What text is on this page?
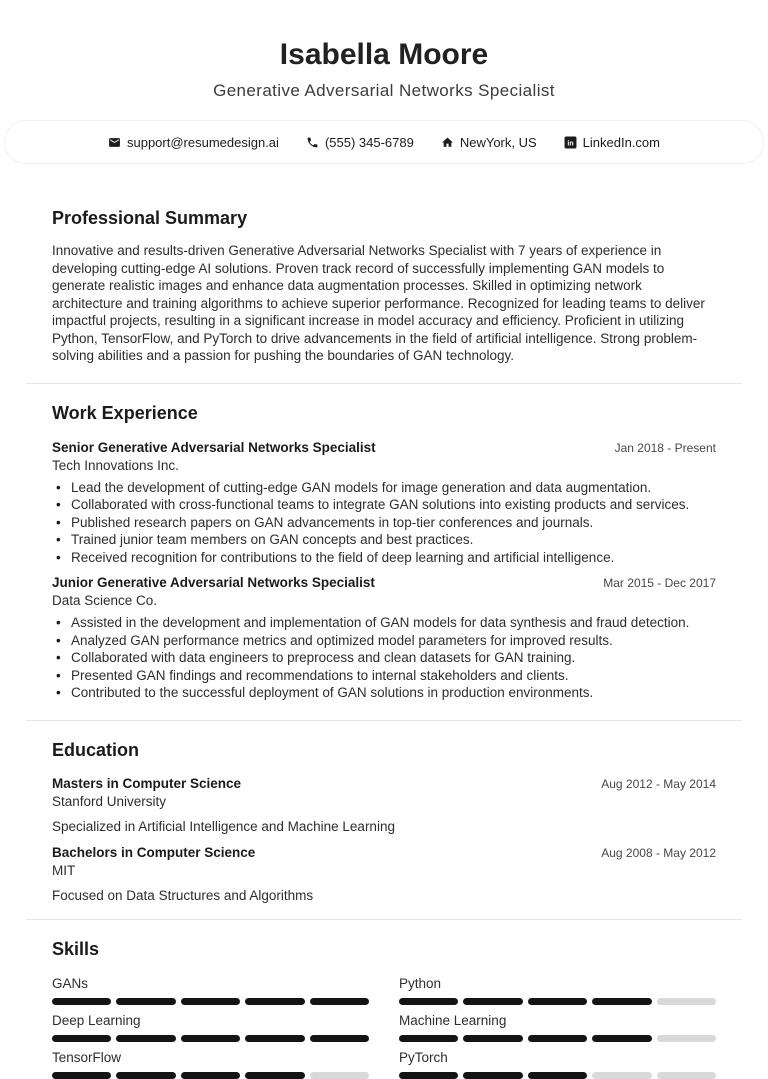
Isabella Moore
Generative Adversarial Networks Specialist
support@resumedesign.ai	(555) 345-6789	NewYork, US in LinkedIn.com
Professional Summary

Innovative and results-driven Generative Adversarial Networks Specialist with 7 years of experience in developing cutting-edge AI solutions. Proven track record of successfully implementing GAN models to generate realistic images and enhance data augmentation processes. Skilled in optimizing network architecture and training algorithms to achieve superior performance. Recognized for leading teams to deliver impactful projects, resulting in a significant increase in model accuracy and efficiency. Proficient in utilizing Python, TensorFlow, and PyTorch to drive advancements in the field of artificial intelligence. Strong problem-solving abilities and a passion for pushing the boundaries of GAN technology.

Work Experience
Senior Generative Adversarial Networks Specialist	Jan 2018 - Present
Tech Innovations Inc.
• Lead the development of cutting-edge GAN models for image generation and data augmentation.
• Collaborated with cross-functional teams to integrate GAN solutions into existing products and services.
• Published research papers on GAN advancements in top-tier conferences and journals.
• Trained junior team members on GAN concepts and best practices.
• Received recognition for contributions to the field of deep learning and artificial intelligence.
Junior Generative Adversarial Networks Specialist	Mar 2015 - Dec 2017
Data Science Co.
• Assisted in the development and implementation of GAN models for data synthesis and fraud detection.
• Analyzed GAN performance metrics and optimized model parameters for improved results.
• Collaborated with data engineers to preprocess and clean datasets for GAN training.
• Presented GAN findings and recommendations to internal stakeholders and clients.
• Contributed to the successful deployment of GAN solutions in production environments.
Education
Masters in Computer Science	Aug 2012 - May 2014
Stanford University
Specialized in Artificial Intelligence and Machine Learning
Bachelors in Computer Science	Aug 2008 - May 2012
MIT
Focused on Data Structures and Algorithms
Skills
GANs	Python
Deep Learning	Machine Learning
TensorFlow	PyTorch
